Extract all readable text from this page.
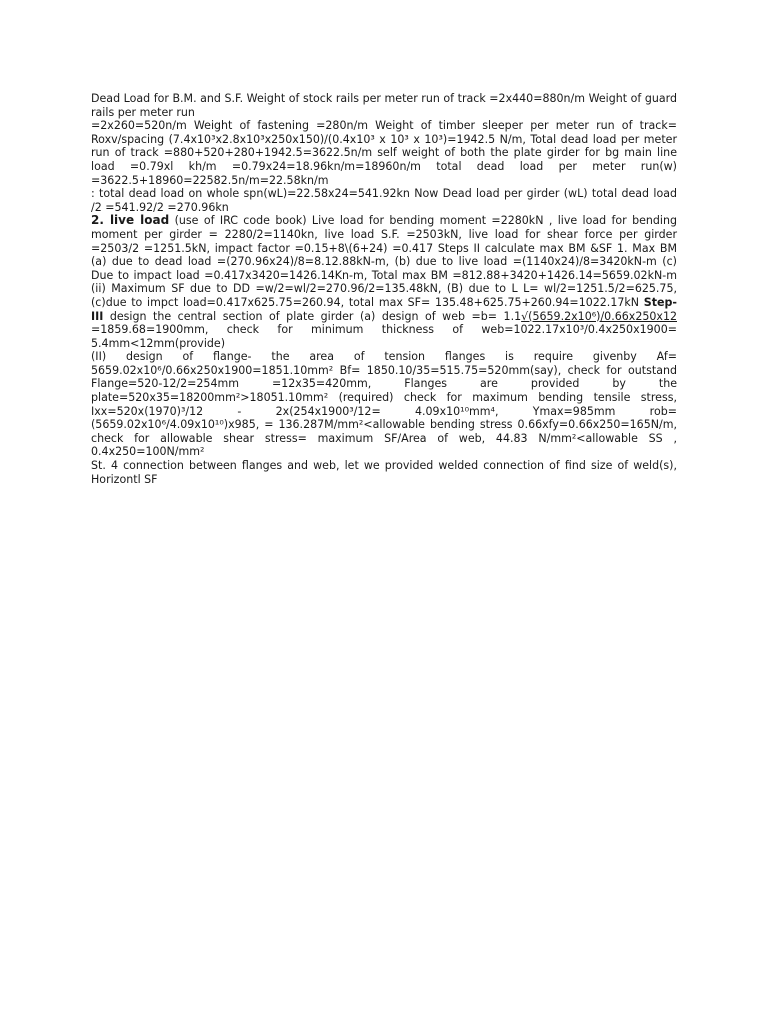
Dead Load for B.M. and S.F. Weight of stock rails per meter run of track =2x440=880n/m Weight of guard rails per meter run

=2x260=520n/m Weight of fastening =280n/m Weight of timber sleeper per meter run of track= Roxv/spacing (7.4x10³x2.8x10³x250x150)/(0.4x10³ x 10³ x 10³)=1942.5 N/m, Total dead load per meter run of track =880+520+280+1942.5=3622.5n/m self weight of both the plate girder for bg main line load =0.79xl kh/m =0.79x24=18.96kn/m=18960n/m total dead load per meter run(w) =3622.5+18960=22582.5n/m=22.58kn/m

: total dead load on whole spn(wL)=22.58x24=541.92kn Now Dead load per girder (wL) total dead load /2 =541.92/2 =270.96kn

2. live load (use of IRC code book) Live load for bending moment =2280kN , live load for bending moment per girder = 2280/2=1140kn, live load S.F. =2503kN, live load for shear force per girder =2503/2 =1251.5kN, impact factor =0.15+8\(6+24) =0.417 Steps II calculate max BM &SF 1. Max BM (a) due to dead load =(270.96x24)/8=8.12.88kN-m, (b) due to live load =(1140x24)/8=3420kN-m (c) Due to impact load =0.417x3420=1426.14Kn-m, Total max BM =812.88+3420+1426.14=5659.02kN-m (ii) Maximum SF due to DD =w/2=wl/2=270.96/2=135.48kN, (B) due to L L= wl/2=1251.5/2=625.75, (c)due to impct load=0.417x625.75=260.94, total max SF= 135.48+625.75+260.94=1022.17kN Step-III design the central section of plate girder (a) design of web =b= 1.1√(5659.2x10⁶)/0.66x250x12 =1859.68=1900mm, check for minimum thickness of web=1022.17x10³/0.4x250x1900= 5.4mm<12mm(provide)

(II) design of flange- the area of tension flanges is require givenby Af= 5659.02x10⁶/0.66x250x1900=1851.10mm² Bf= 1850.10/35=515.75=520mm(say), check for outstand Flange=520-12/2=254mm =12x35=420mm, Flanges are provided by the plate=520x35=18200mm²>18051.10mm² (required) check for maximum bending tensile stress, Ixx=520x(1970)³/12 - 2x(254x1900³/12= 4.09x10¹⁰mm⁴, Ymax=985mm rob=(5659.02x10⁶/4.09x10¹⁰)x985, = 136.287M/mm²<allowable bending stress 0.66xfy=0.66x250=165N/m, check for allowable shear stress= maximum SF/Area of web, 44.83 N/mm²<allowable SS , 0.4x250=100N/mm²

St. 4 connection between flanges and web, let we provided welded connection of find size of weld(s), Horizontl SF
